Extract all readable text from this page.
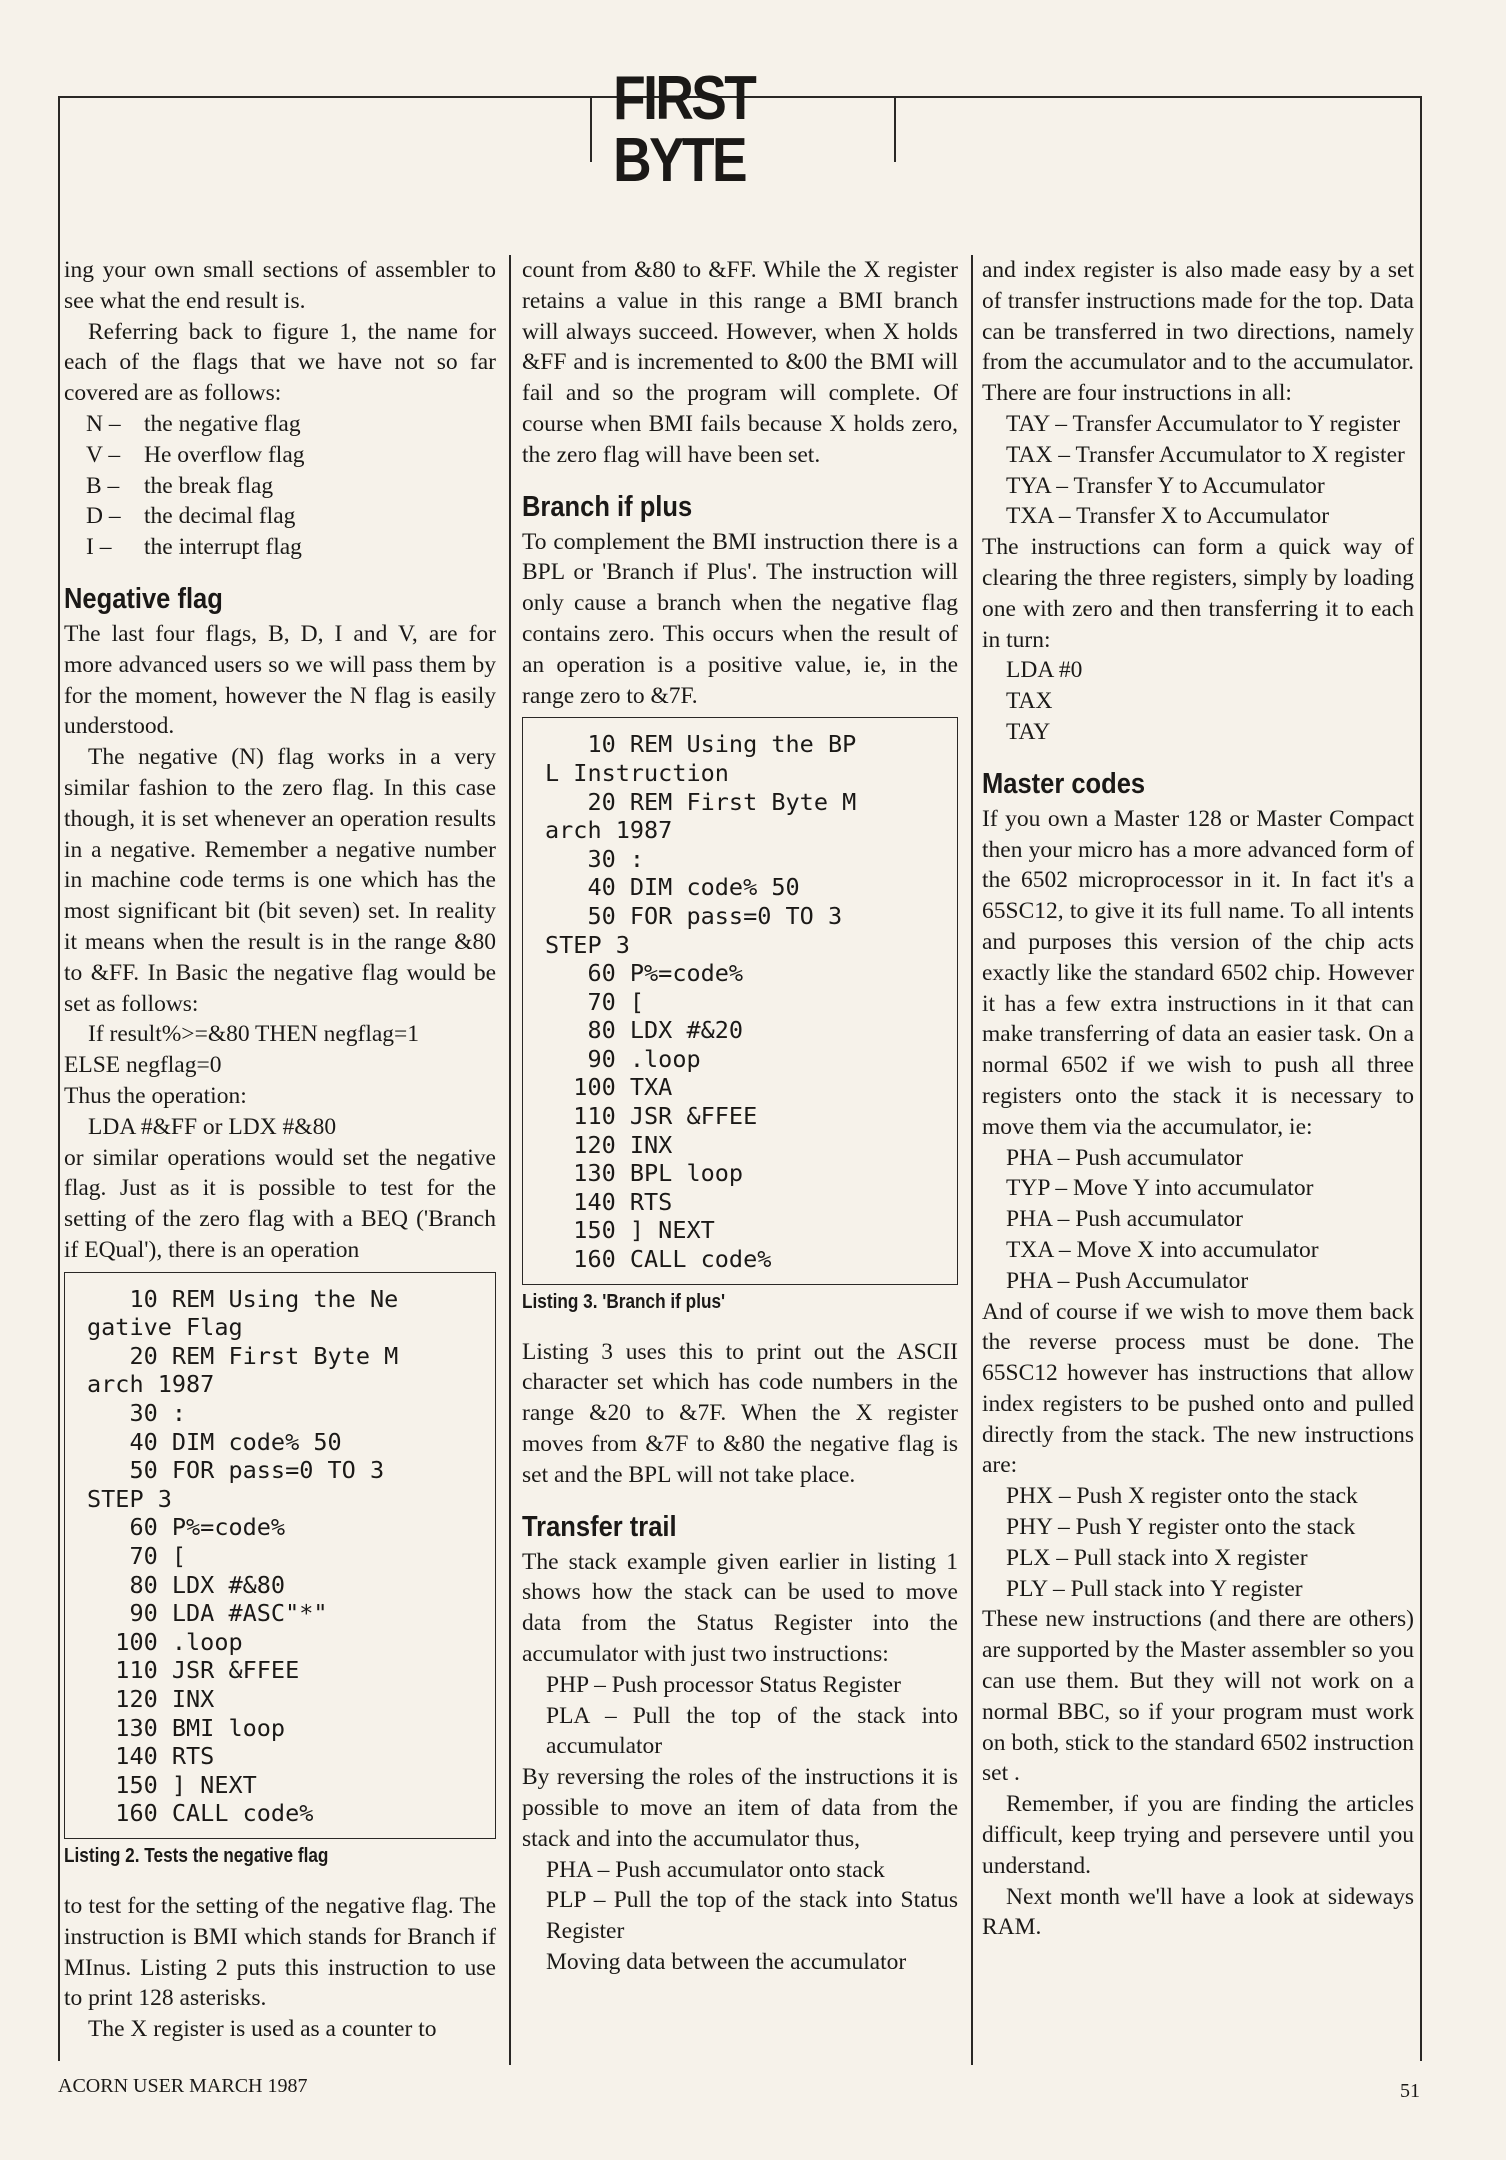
FIRST BYTE

ing your own small sections of assembler to see what the end result is.

Referring back to figure 1, the name for each of the flags that we have not so far covered are as follows:

N – the negative flag
V –	He overflow flag
B –	the break flag
D – the decimal flag
I –	the interrupt flag
Negative flag

The last four flags, B, D, I and V, are for more advanced users so we will pass them by for the moment, however the N flag is easily understood.

The negative (N) flag works in a very similar fashion to the zero flag. In this case though, it is set whenever an operation results in a negative. Remember a negative number in machine code terms is one which has the most significant bit (bit seven) set. In reality it means when the result is in the range &80 to &FF. In Basic the negative flag would be set as follows:

If result%>=&80 THEN negflag=1

ELSE negflag=0

Thus the operation:

LDA #&FF or LDX #&80

or similar operations would set the negative flag. Just as it is possible to test for the setting of the zero flag with a BEQ ('Branch if EQual'), there is an operation

10 REM Using the Ne
gative Flag
20 REM First Byte M
arch 1987
30 :
40 DIM code% 50
50 FOR pass=0 TO 3
STEP 3
60 P%=code%
70 [
80 LDX #&80
90 LDA #ASC"*"
100 .loop
110 JSR &FFEE
120 INX
130 BMI loop
140 RTS
150 ] NEXT
160 CALL code%
Listing 2. Tests the negative flag

to test for the setting of the negative flag. The instruction is BMI which stands for Branch if MInus. Listing 2 puts this instruction to use to print 128 asterisks.

The X register is used as a counter to

count from &80 to &FF. While the X register retains a value in this range a BMI branch will always succeed. However, when X holds &FF and is incremented to &00 the BMI will fail and so the program will complete. Of course when BMI fails because X holds zero, the zero flag will have been set.

Branch if plus

To complement the BMI instruction there is a BPL or 'Branch if Plus'. The instruction will only cause a branch when the negative flag contains zero. This occurs when the result of an operation is a positive value, ie, in the range zero to &7F.

10 REM Using the BP
L Instruction
20 REM First Byte M
arch 1987
30 :
40 DIM code% 50
50 FOR pass=0 TO 3
STEP 3
60 P%=code%
70 [
80 LDX #&20
90 .loop
100 TXA
110 JSR &FFEE
120 INX
130 BPL loop
140 RTS
150 ] NEXT
160 CALL code%
Listing 3. 'Branch if plus'

Listing 3 uses this to print out the ASCII character set which has code numbers in the range &20 to &7F. When the X register moves from &7F to &80 the negative flag is set and the BPL will not take place.

Transfer trail

The stack example given earlier in listing 1 shows how the stack can be used to move data from the Status Register into the accumulator with just two instructions:

PHP – Push processor Status Register

PLA – Pull the top of the stack into accumulator

By reversing the roles of the instructions it is possible to move an item of data from the stack and into the accumulator thus,

PHA – Push accumulator onto stack

PLP – Pull the top of the stack into Status Register

Moving data between the accumulator

and index register is also made easy by a set of transfer instructions made for the top. Data can be transferred in two directions, namely from the accumulator and to the accumulator. There are four instructions in all:

TAY – Transfer Accumulator to Y register

TAX – Transfer Accumulator to X register

TYA – Transfer Y to Accumulator

TXA – Transfer X to Accumulator

The instructions can form a quick way of clearing the three registers, simply by loading one with zero and then transferring it to each in turn:

LDA #0

TAX

TAY

Master codes

If you own a Master 128 or Master Compact then your micro has a more advanced form of the 6502 microprocessor in it. In fact it's a 65SC12, to give it its full name. To all intents and purposes this version of the chip acts exactly like the standard 6502 chip. However it has a few extra instructions in it that can make transferring of data an easier task. On a normal 6502 if we wish to push all three registers onto the stack it is necessary to move them via the accumulator, ie:

PHA – Push accumulator

TYP – Move Y into accumulator

PHA – Push accumulator

TXA – Move X into accumulator

PHA – Push Accumulator

And of course if we wish to move them back the reverse process must be done. The 65SC12 however has instructions that allow index registers to be pushed onto and pulled directly from the stack. The new instructions are:

PHX – Push X register onto the stack

PHY – Push Y register onto the stack

PLX – Pull stack into X register

PLY – Pull stack into Y register

These new instructions (and there are others) are supported by the Master assembler so you can use them. But they will not work on a normal BBC, so if your program must work on both, stick to the standard 6502 instruction set .

Remember, if you are finding the articles difficult, keep trying and persevere until you understand.

Next month we'll have a look at sideways RAM.

ACORN USER MARCH 1987	51
